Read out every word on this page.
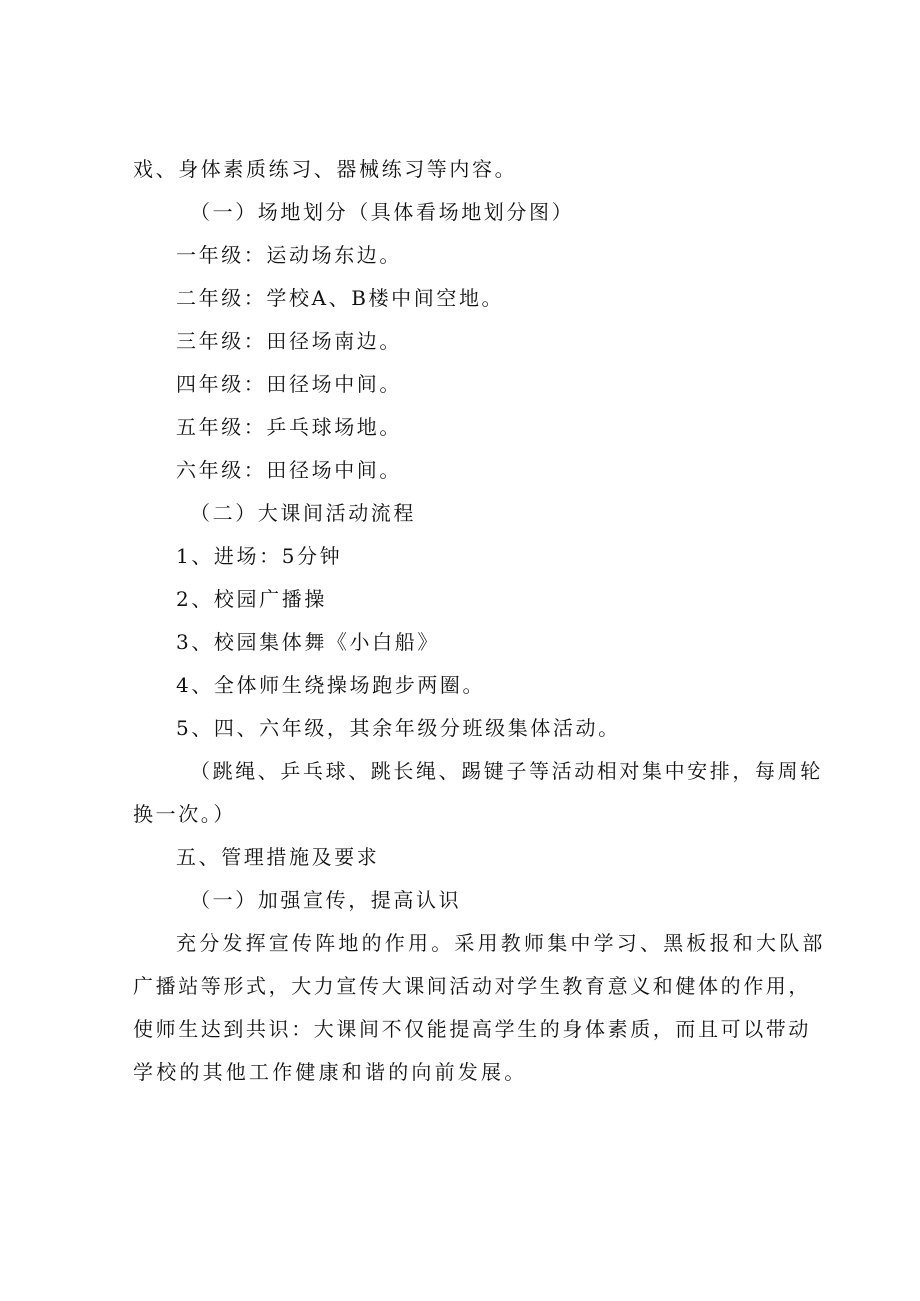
戏、身体素质练习、器械练习等内容。
（一）场地划分（具体看场地划分图）
一年级：运动场东边。
二年级：学校A、B楼中间空地。
三年级：田径场南边。
四年级：田径场中间。
五年级：乒乓球场地。
六年级：田径场中间。
（二）大课间活动流程
1、进场：5分钟
2、校园广播操
3、校园集体舞《小白船》
4、全体师生绕操场跑步两圈。
5、四、六年级，其余年级分班级集体活动。
（跳绳、乒乓球、跳长绳、踢键子等活动相对集中安排，每周轮
换一次。）
五、管理措施及要求
（一）加强宣传，提高认识
充分发挥宣传阵地的作用。采用教师集中学习、黑板报和大队部
广播站等形式，大力宣传大课间活动对学生教育意义和健体的作用，
使师生达到共识：大课间不仅能提高学生的身体素质，而且可以带动
学校的其他工作健康和谐的向前发展。
